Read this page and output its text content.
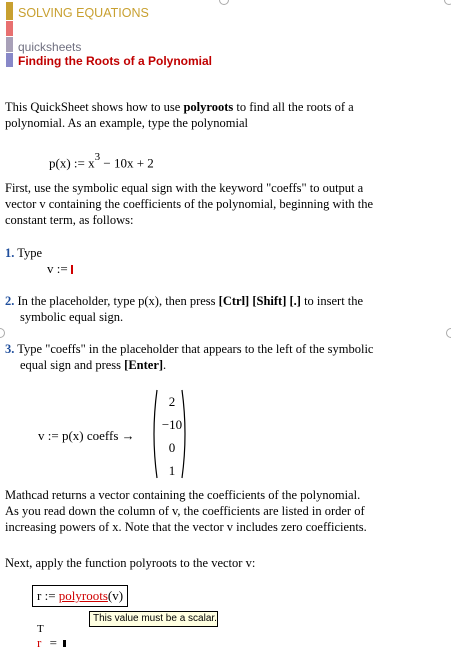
SOLVING EQUATIONS
quicksheets
Finding the Roots of a Polynomial
This QuickSheet shows how to use polyroots to find all the roots of a polynomial. As an example, type the polynomial
p(x) := $x^3 - 10x + 2$
First, use the symbolic equal sign with the keyword "coeffs" to output a vector v containing the coefficients of the polynomial, beginning with the constant term, as follows:
1. Type
v :=
2. In the placeholder, type p(x), then press [Ctrl] [Shift] [.] to insert the symbolic equal sign.
3. Type "coeffs" in the placeholder that appears to the left of the symbolic equal sign and press [Enter].
v := p(x) coeffs →
2
−10
0
1
Mathcad returns a vector containing the coefficients of the polynomial. As you read down the column of v, the coefficients are listed in order of increasing powers of x. Note that the vector v includes zero coefficients.
Next, apply the function polyroots to the vector v:
r := polyroots(v)
This value must be a scalar.
$^T$
r =
